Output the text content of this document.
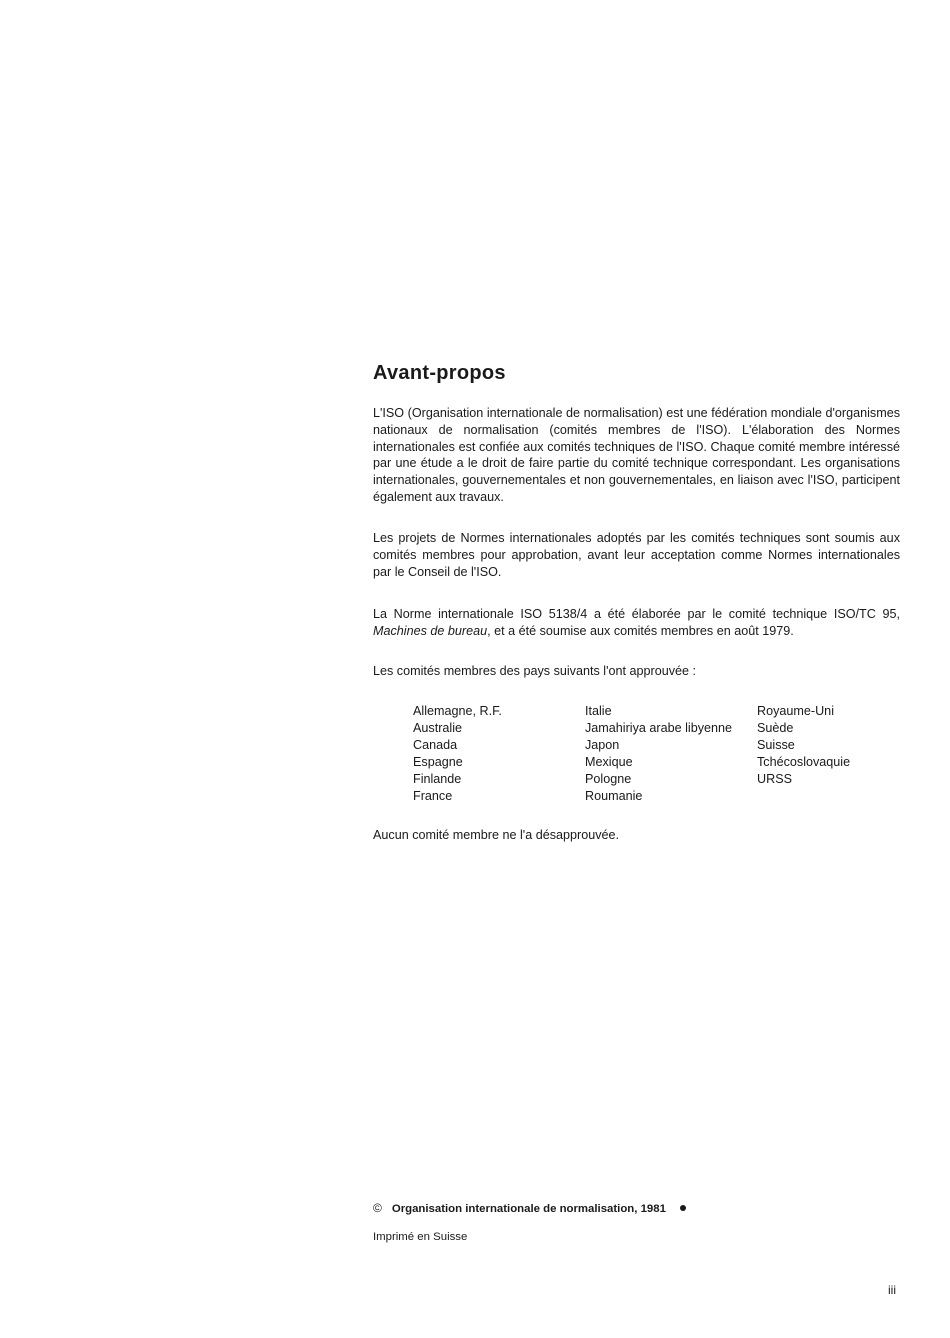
Avant-propos

L'ISO (Organisation internationale de normalisation) est une fédération mondiale d'organismes nationaux de normalisation (comités membres de l'ISO). L'élaboration des Normes internationales est confiée aux comités techniques de l'ISO. Chaque comité membre intéressé par une étude a le droit de faire partie du comité technique correspondant. Les organisations internationales, gouvernementales et non gouvernementales, en liaison avec l'ISO, participent également aux travaux.

Les projets de Normes internationales adoptés par les comités techniques sont soumis aux comités membres pour approbation, avant leur acceptation comme Normes internationales par le Conseil de l'ISO.

La Norme internationale ISO 5138/4 a été élaborée par le comité technique ISO/TC 95, Machines de bureau, et a été soumise aux comités membres en août 1979.

Les comités membres des pays suivants l'ont approuvée :

Allemagne, R.F.
Australie
Canada
Espagne
Finlande
France
Italie
Jamahiriya arabe libyenne
Japon
Mexique
Pologne
Roumanie
Royaume-Uni
Suède
Suisse
Tchécoslovaquie
URSS

Aucun comité membre ne l'a désapprouvée.

© Organisation internationale de normalisation, 1981
Imprimé en Suisse
iii
